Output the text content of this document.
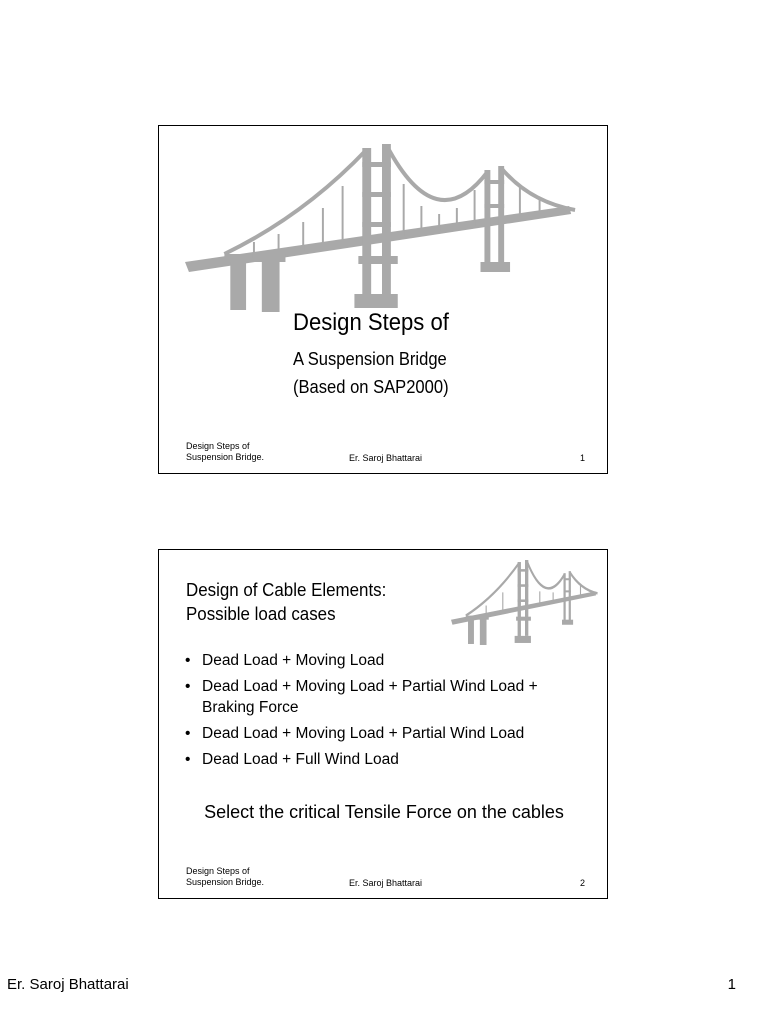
Design Steps of
A Suspension Bridge
(Based on SAP2000)
Design Steps of
Suspension Bridge.	Er. Saroj Bhattarai	1
Design of Cable Elements:
Possible load cases
• Dead Load + Moving Load
• Dead Load + Moving Load + Partial Wind Load + Braking Force
• Dead Load + Moving Load + Partial Wind Load
• Dead Load + Full Wind Load
Select the critical Tensile Force on the cables
Design Steps of
Suspension Bridge.	Er. Saroj Bhattarai	2
Er. Saroj Bhattarai	1
